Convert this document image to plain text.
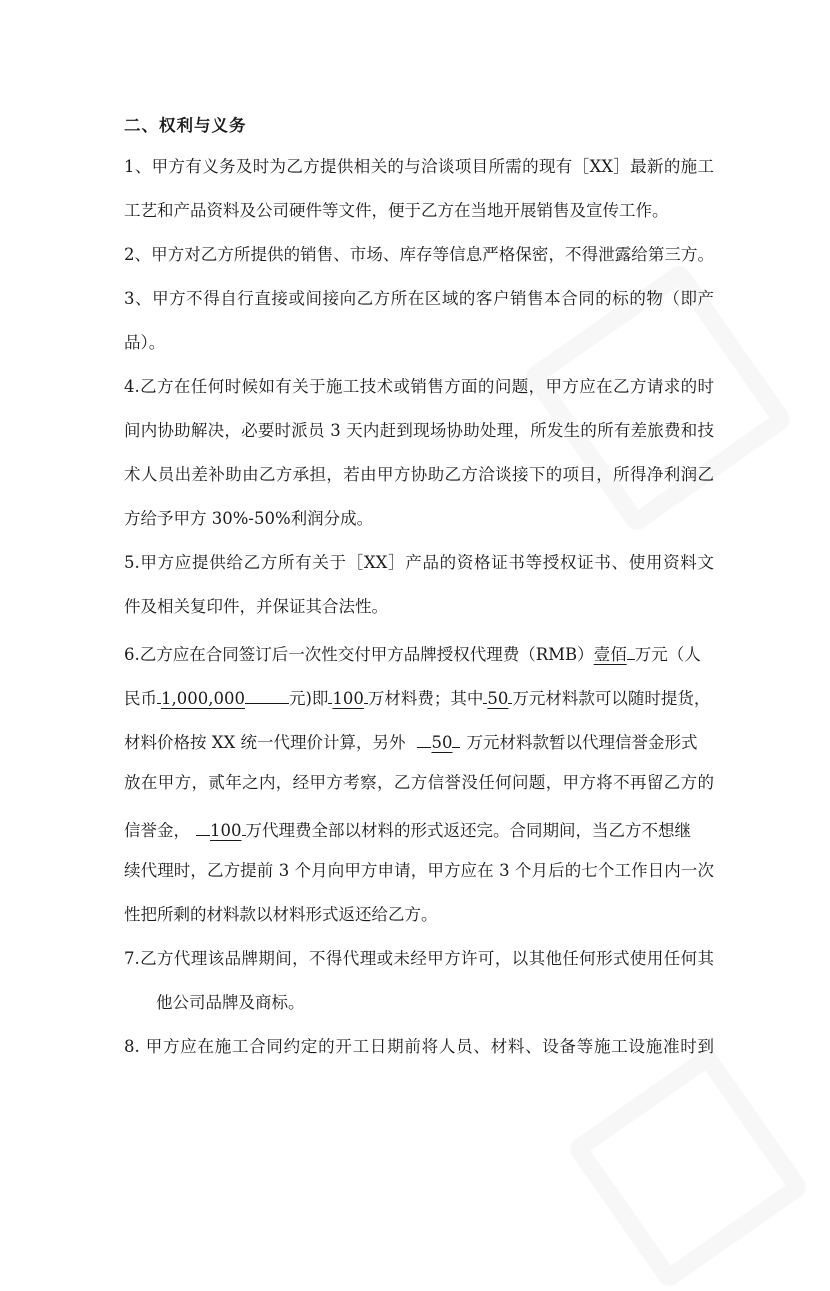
二、权利与义务
1、甲方有义务及时为乙方提供相关的与洽谈项目所需的现有［XX］最新的施工
工艺和产品资料及公司硬件等文件，便于乙方在当地开展销售及宣传工作。
2、甲方对乙方所提供的销售、市场、库存等信息严格保密，不得泄露给第三方。
3、甲方不得自行直接或间接向乙方所在区域的客户销售本合同的标的物（即产
品）。
4.乙方在任何时候如有关于施工技术或销售方面的问题，甲方应在乙方请求的时
间内协助解决，必要时派员 3 天内赶到现场协助处理，所发生的所有差旅费和技
术人员出差补助由乙方承担，若由甲方协助乙方洽谈接下的项目，所得净利润乙
方给予甲方 30%-50%利润分成。
5.甲方应提供给乙方所有关于［XX］产品的资格证书等授权证书、使用资料文
件及相关复印件，并保证其合法性。
6.乙方应在合同签订后一次性交付甲方品牌授权代理费（RMB）壹佰 万元（人
民币 1,000,000	元)即 100 万材料费；其中 50 万元材料款可以随时提货，
材料价格按 XX 统一代理价计算，另外 50 万元材料款暂以代理信誉金形式
放在甲方，贰年之内，经甲方考察，乙方信誉没任何问题，甲方将不再留乙方的
信誉金， 100 万代理费全部以材料的形式返还完。合同期间，当乙方不想继
续代理时，乙方提前 3 个月向甲方申请，甲方应在 3 个月后的七个工作日内一次
性把所剩的材料款以材料形式返还给乙方。
7.乙方代理该品牌期间，不得代理或未经甲方许可，以其他任何形式使用任何其
他公司品牌及商标。
8. 甲方应在施工合同约定的开工日期前将人员、材料、设备等施工设施准时到
